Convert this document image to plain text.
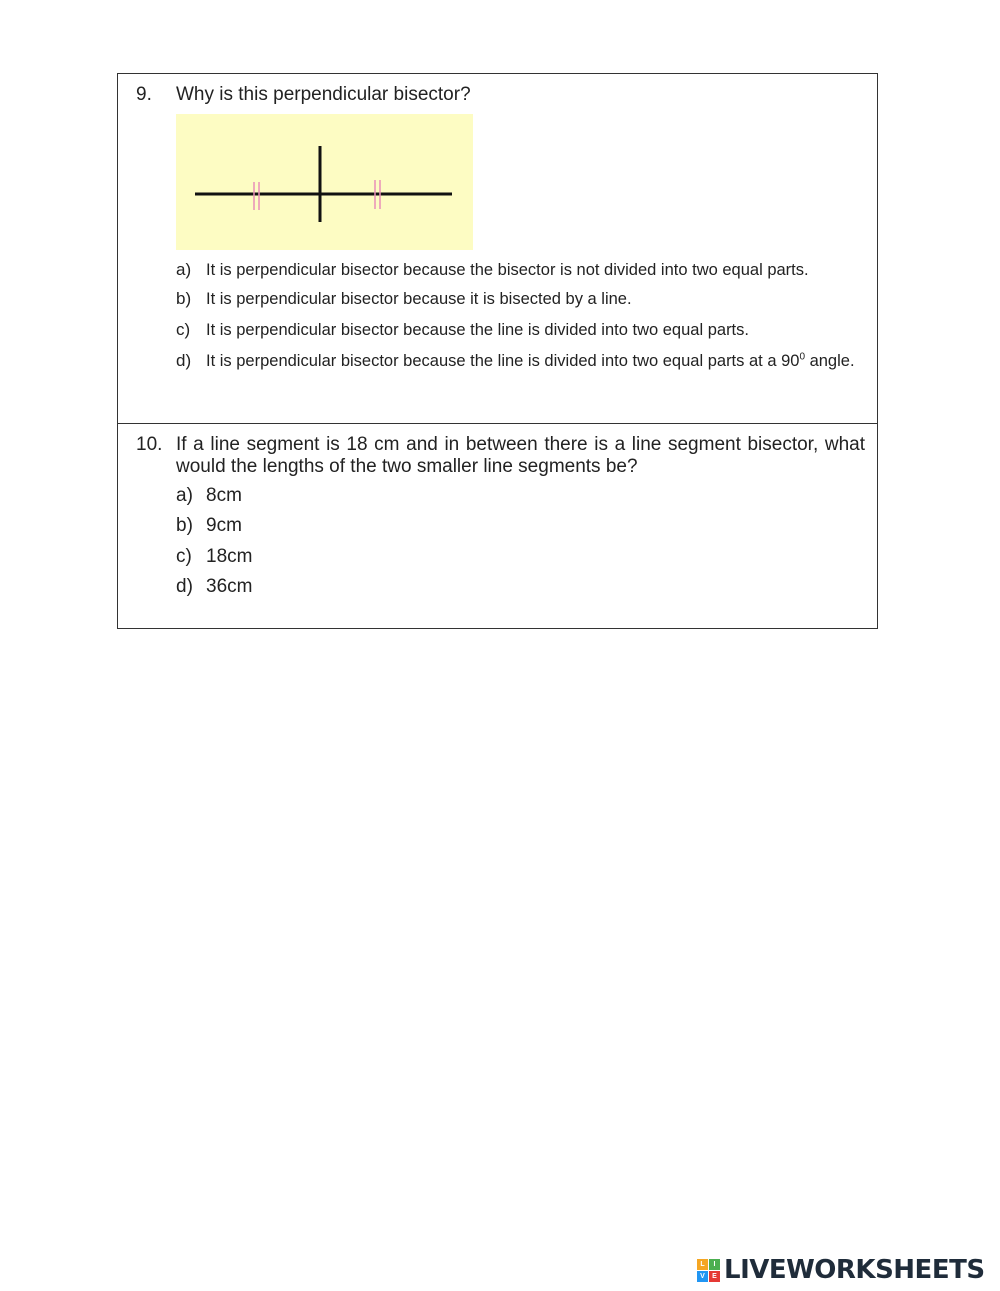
9. Why is this perpendicular bisector?
a) It is perpendicular bisector because the bisector is not divided into two equal parts.
b) It is perpendicular bisector because it is bisected by a line.
c) It is perpendicular bisector because the line is divided into two equal parts.
d) It is perpendicular bisector because the line is divided into two equal parts at a $90^0$ angle.
10. If a line segment is 18 cm and in between there is a line segment bisector, what would the lengths of the two smaller line segments be?
a) 8cm
b) 9cm
c) 18cm
d) 36cm
L	I
V	E LIVEWORKSHEETS
